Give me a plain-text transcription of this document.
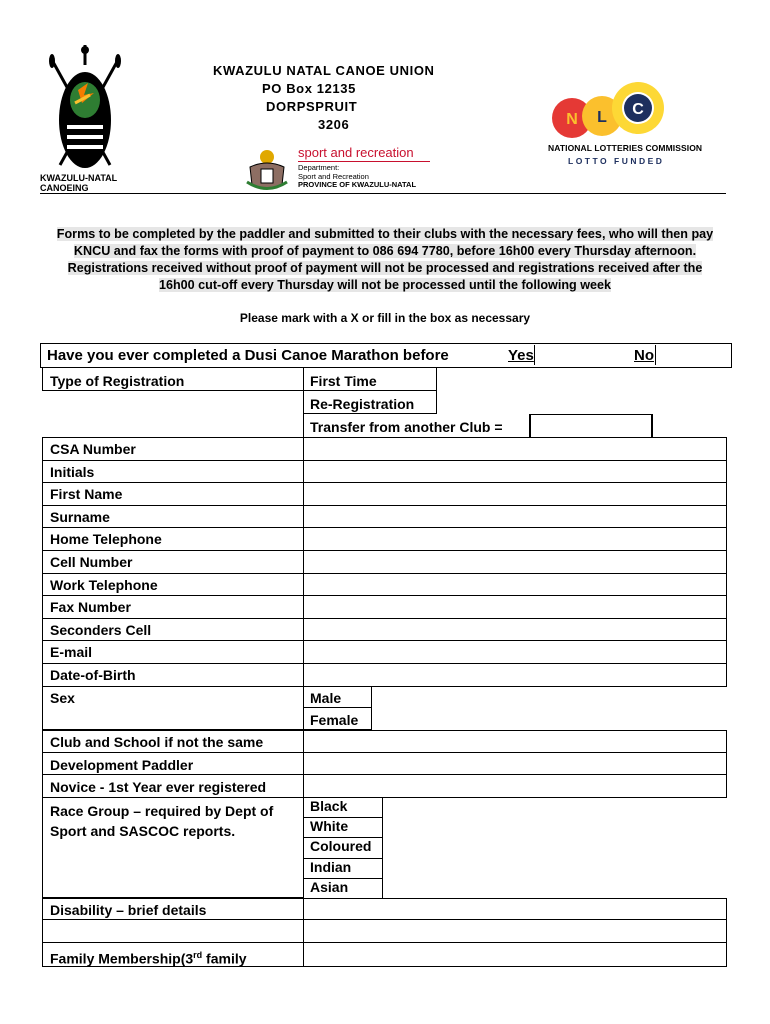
KWAZULU-NATAL
CANOEING
KWAZULU NATAL CANOE UNION
PO Box 12135
DORPSPRUIT
3206
sport and recreation
Department:
Sport and Recreation
PROVINCE OF KWAZULU-NATAL
N L C
NATIONAL LOTTERIES COMMISSION
LOTTO FUNDED
Forms to be completed by the paddler and submitted to their clubs with the necessary fees, who will then pay
KNCU and fax the forms with proof of payment to 086 694 7780, before 16h00 every Thursday afternoon.
Registrations received without proof of payment will not be processed and registrations received after the
16h00 cut-off every Thursday will not be processed until the following week
Please mark with a X or fill in the box as necessary
Have you ever completed a Dusi Canoe Marathon before	Yes	No
Type of Registration	First Time
Re-Registration
Transfer from another Club =
CSA Number
Initials
First Name
Surname
Home Telephone
Cell Number
Work Telephone
Fax Number
Seconders Cell
E-mail
Date-of-Birth
Sex	Male
Female
Club and School if not the same
Development Paddler
Novice - 1st Year ever registered
Race Group – required by Dept of
Sport and SASCOC reports.
Black
White
Coloured
Indian
Asian
Disability – brief details
Family Membership(3rd family
